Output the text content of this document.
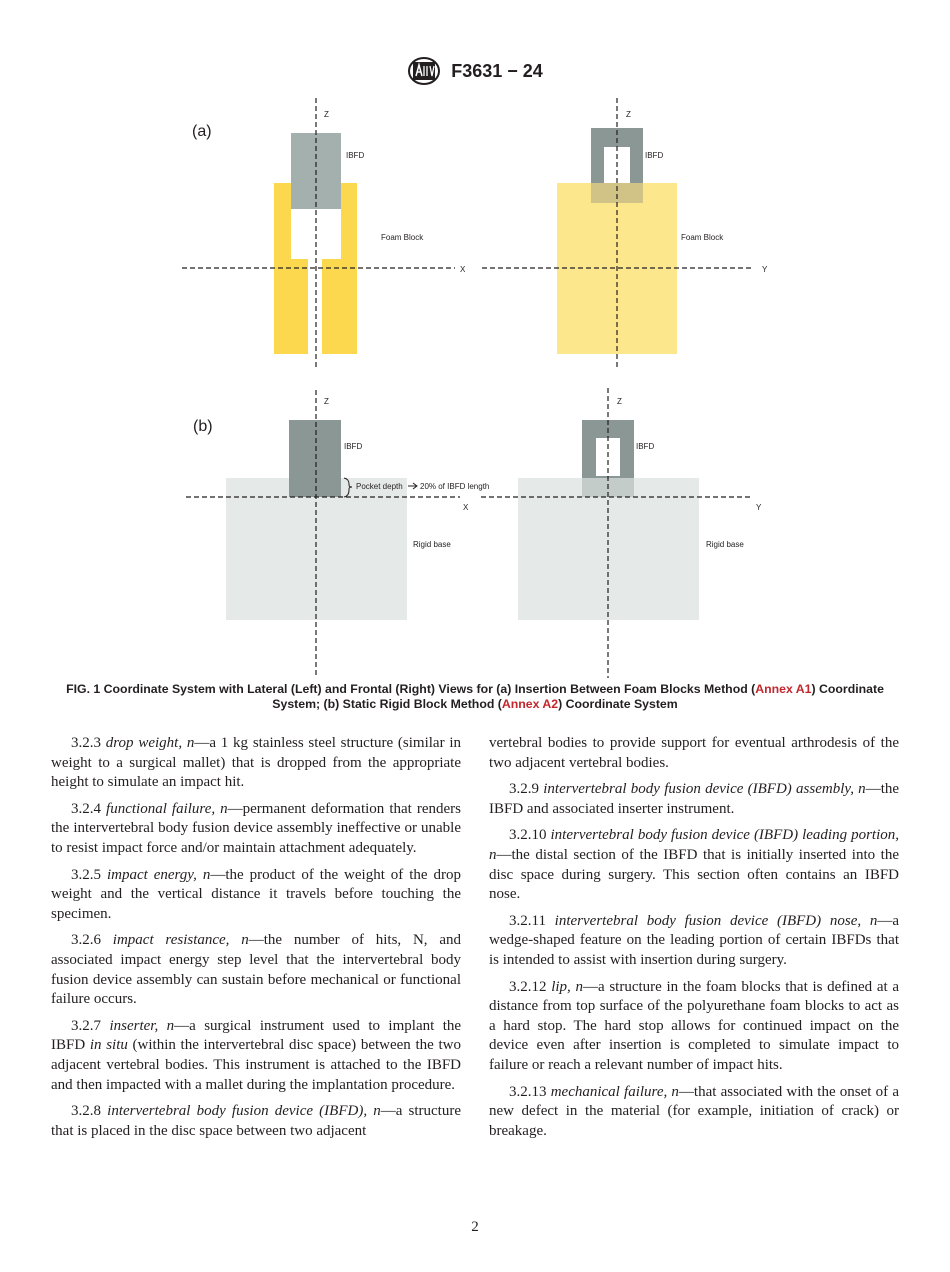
F3631 − 24
(a)
Z
IBFD
Foam Block
X
Z
IBFD
Foam Block
Y
(b)
Z
IBFD
Pocket depth 20% of IBFD length
X
Rigid base
Z
IBFD
Y
Rigid base
FIG. 1 Coordinate System with Lateral (Left) and Frontal (Right) Views for (a) Insertion Between Foam Blocks Method (Annex A1) Coordinate System; (b) Static Rigid Block Method (Annex A2) Coordinate System

3.2.3 drop weight, n—a 1 kg stainless steel structure (similar in weight to a surgical mallet) that is dropped from the appropriate height to simulate an impact hit.

3.2.4 functional failure, n—permanent deformation that renders the intervertebral body fusion device assembly ineffective or unable to resist impact force and/or maintain attachment adequately.

3.2.5 impact energy, n—the product of the weight of the drop weight and the vertical distance it travels before touching the specimen.

3.2.6 impact resistance, n—the number of hits, N, and associated impact energy step level that the intervertebral body fusion device assembly can sustain before mechanical or functional failure occurs.

3.2.7 inserter, n—a surgical instrument used to implant the IBFD in situ (within the intervertebral disc space) between the two adjacent vertebral bodies. This instrument is attached to the IBFD and then impacted with a mallet during the implantation procedure.

3.2.8 intervertebral body fusion device (IBFD), n—a structure that is placed in the disc space between two adjacent

vertebral bodies to provide support for eventual arthrodesis of the two adjacent vertebral bodies.

3.2.9 intervertebral body fusion device (IBFD) assembly, n—the IBFD and associated inserter instrument.

3.2.10 intervertebral body fusion device (IBFD) leading portion, n—the distal section of the IBFD that is initially inserted into the disc space during surgery. This section often contains an IBFD nose.

3.2.11 intervertebral body fusion device (IBFD) nose, n—a wedge-shaped feature on the leading portion of certain IBFDs that is intended to assist with insertion during surgery.

3.2.12 lip, n—a structure in the foam blocks that is defined at a distance from top surface of the polyurethane foam blocks to act as a hard stop. The hard stop allows for continued impact on the device even after insertion is completed to simulate impact to failure or reach a relevant number of impact hits.

3.2.13 mechanical failure, n—that associated with the onset of a new defect in the material (for example, initiation of crack) or breakage.

2
